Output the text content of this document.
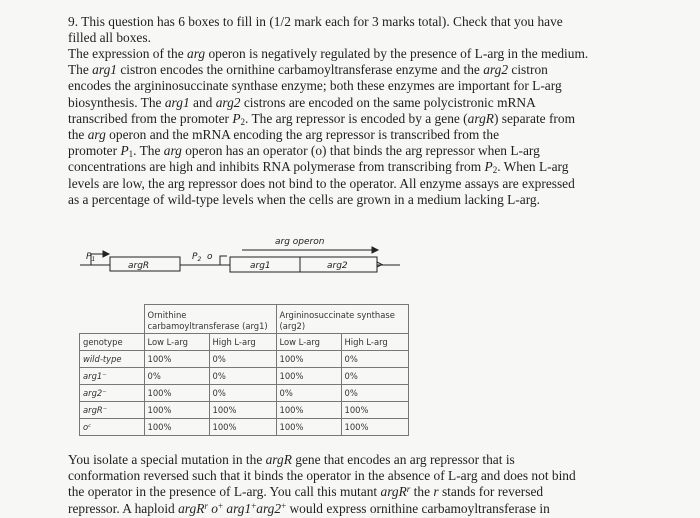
9. This question has 6 boxes to fill in (1/2 mark each for 3 marks total). Check that you have
filled all boxes.

The expression of the arg operon is negatively regulated by the presence of L-arg in the medium.
The arg1 cistron encodes the ornithine carbamoyltransferase enzyme and the arg2 cistron
encodes the argininosuccinate synthase enzyme; both these enzymes are important for L-arg
biosynthesis. The arg1 and arg2 cistrons are encoded on the same polycistronic mRNA
transcribed from the promoter $P_2$. The arg repressor is encoded by a gene (argR) separate from
the arg operon and the mRNA encoding the arg repressor is transcribed from the
promoter $P_1$. The arg operon has an operator (o) that binds the arg repressor when L-arg
concentrations are high and inhibits RNA polymerase from transcribing from $P_2$. When L-arg
levels are low, the arg repressor does not bind to the operator. All enzyme assays are expressed
as a percentage of wild-type levels when the cells are grown in a medium lacking L-arg.

$P_1$
argR
$P_2$ o
arg operon
arg1	arg2
	Ornithine
carbamoyltransferase (arg1)		Argininosuccinate synthase
(arg2)	
genotype	Low L-arg	High L-arg	Low L-arg	High L-arg
wild-type	100%	0%	100%	0%
arg1⁻	0%	0%	100%	0%
arg2⁻	100%	0%	0%	0%
argR⁻	100%	100%	100%	100%
oᶜ	100%	100%	100%	100%

You isolate a special mutation in the argR gene that encodes an arg repressor that is
conformation reversed such that it binds the operator in the absence of L-arg and does not bind
the operator in the presence of L-arg. You call this mutant argR$^r$ the r stands for reversed
repressor. A haploid argR$^r$ o+ arg1+arg2+ would express ornithine carbamoyltransferase in
